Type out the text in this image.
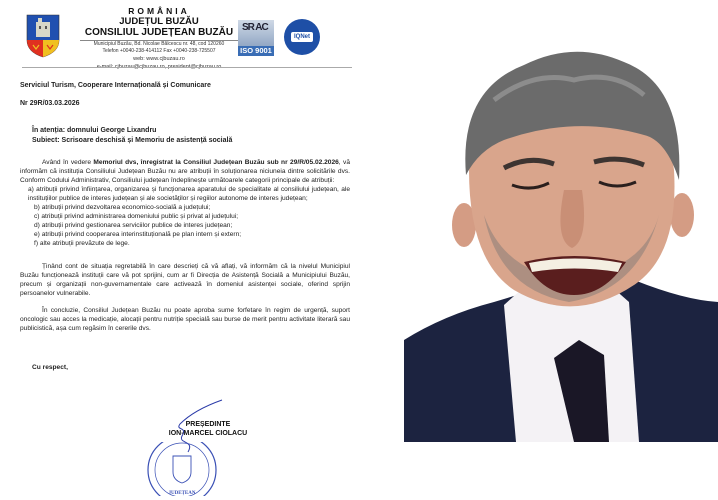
ROMÂNIA
JUDEȚUL BUZĂU
CONSILIUL JUDEȚEAN BUZĂU
Municipiul Buzău, Bd. Nicolae Bălcescu nr. 48, cod 120260
Telefon +0040-238-414112 Fax +0040-238-725507
web: www.cjbuzau.ro
SR AC
ISO 9001
IQNet
Serviciul Turism, Cooperare Internațională și Comunicare
Nr 29R/03.03.2026
În atenția: domnului George Lixandru
Subiect: Scrisoare deschisă și Memoriu de asistență socială
Având în vedere Memoriul dvs, înregistrat la Consiliul Județean Buzău sub nr 29/R/05.02.2026, vă informăm că instituția Consiliului Județean Buzău nu are atribuții în soluționarea niciuneia dintre solicitările dvs. Conform Codului Administrativ, Consiliului județean îndeplinește următoarele categorii principale de atribuții:
a) atribuții privind înființarea, organizarea și funcționarea aparatului de specialitate al consiliului județean, ale instituțiilor publice de interes județean și ale societăților și regiilor autonome de interes județean;
b) atribuții privind dezvoltarea economico-socială a județului;
c) atribuții privind administrarea domeniului public și privat al județului;
d) atribuții privind gestionarea serviciilor publice de interes județean;
e) atribuții privind cooperarea interinstituțională pe plan intern și extern;
f) alte atribuții prevăzute de lege.
Ținând cont de situația regretabilă în care descrieți că vă aflați, vă informăm că la nivelul Municipiul Buzău funcționează instituții care vă pot sprijini, cum ar fi Direcția de Asistență Socială a Municipiului Buzău, precum și organizații non-guvernamentale care activează în domeniul asistenței sociale, oferind sprijin persoanelor vulnerabile.
În concluzie, Consiliul Județean Buzău nu poate aproba sume forfetare în regim de urgență, suport oncologic sau acces la medicație, alocații pentru nutriție specială sau burse de merit pentru activitate literară sau publicistică, așa cum regăsim în cererile dvs.
Cu respect,
PREȘEDINTE
ION-MARCEL CIOLACU
JUDEȚEAN
